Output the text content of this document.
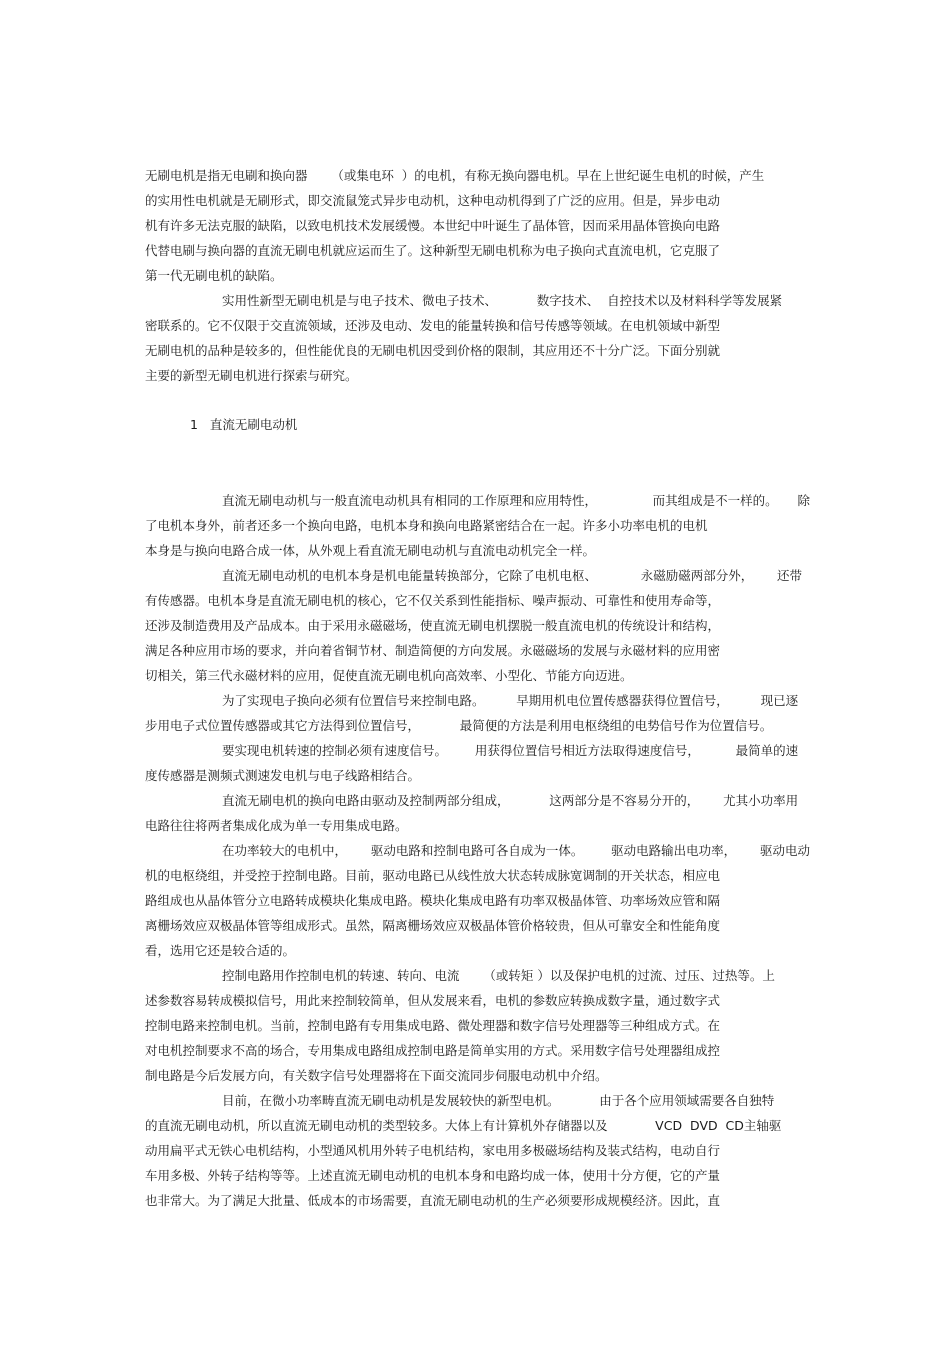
无刷电机是指无电刷和换向器      （或集电环  ）的电机，有称无换向器电机。早在上世纪诞生电机的时候，产生
的实用性电机就是无刷形式，即交流鼠笼式异步电动机，这种电动机得到了广泛的应用。但是，异步电动
机有许多无法克服的缺陷，以致电机技术发展缓慢。本世纪中叶诞生了晶体管，因而采用晶体管换向电路
代替电刷与换向器的直流无刷电机就应运而生了。这种新型无刷电机称为电子换向式直流电机，它克服了
第一代无刷电机的缺陷。
实用性新型无刷电机是与电子技术、微电子技术、          数字技术、  自控技术以及材料科学等发展紧
密联系的。它不仅限于交直流领域，还涉及电动、发电的能量转换和信号传感等领域。在电机领域中新型
无刷电机的品种是较多的，但性能优良的无刷电机因受到价格的限制，其应用还不十分广泛。下面分别就
主要的新型无刷电机进行探索与研究。
1   直流无刷电动机
直流无刷电动机与一般直流电动机具有相同的工作原理和应用特性，              而其组成是不一样的。     除
了电机本身外，前者还多一个换向电路，电机本身和换向电路紧密结合在一起。许多小功率电机的电机
本身是与换向电路合成一体，从外观上看直流无刷电动机与直流电动机完全一样。
直流无刷电动机的电机本身是机电能量转换部分，它除了电机电枢、           永磁励磁两部分外，      还带
有传感器。电机本身是直流无刷电机的核心，它不仅关系到性能指标、噪声振动、可靠性和使用寿命等，
还涉及制造费用及产品成本。由于采用永磁磁场，使直流无刷电机摆脱一般直流电机的传统设计和结构，
满足各种应用市场的要求，并向着省铜节材、制造简便的方向发展。永磁磁场的发展与永磁材料的应用密
切相关，第三代永磁材料的应用，促使直流无刷电机向高效率、小型化、节能方向迈进。
为了实现电子换向必须有位置信号来控制电路。        早期用机电位置传感器获得位置信号，        现已逐
步用电子式位置传感器或其它方法得到位置信号，          最简便的方法是利用电枢绕组的电势信号作为位置信号。
要实现电机转速的控制必须有速度信号。       用获得位置信号相近方法取得速度信号，         最简单的速
度传感器是测频式测速发电机与电子线路相结合。
直流无刷电机的换向电路由驱动及控制两部分组成，          这两部分是不容易分开的，      尤其小功率用
电路往往将两者集成化成为单一专用集成电路。
在功率较大的电机中，      驱动电路和控制电路可各自成为一体。       驱动电路输出电功率，      驱动电动
机的电枢绕组，并受控于控制电路。目前，驱动电路已从线性放大状态转成脉宽调制的开关状态，相应电
路组成也从晶体管分立电路转成模块化集成电路。模块化集成电路有功率双极晶体管、功率场效应管和隔
离栅场效应双极晶体管等组成形式。虽然，隔离栅场效应双极晶体管价格较贵，但从可靠安全和性能角度
看，选用它还是较合适的。
控制电路用作控制电机的转速、转向、电流      （或转矩 ）以及保护电机的过流、过压、过热等。上
述参数容易转成模拟信号，用此来控制较简单，但从发展来看，电机的参数应转换成数字量，通过数字式
控制电路来控制电机。当前，控制电路有专用集成电路、微处理器和数字信号处理器等三种组成方式。在
对电机控制要求不高的场合，专用集成电路组成控制电路是简单实用的方式。采用数字信号处理器组成控
制电路是今后发展方向，有关数字信号处理器将在下面交流同步伺服电动机中介绍。
目前，在微小功率畴直流无刷电动机是发展较快的新型电机。          由于各个应用领域需要各自独特
的直流无刷电动机，所以直流无刷电动机的类型较多。大体上有计算机外存储器以及            VCD  DVD  CD主轴驱
动用扁平式无铁心电机结构，小型通风机用外转子电机结构，家电用多极磁场结构及装式结构，电动自行
车用多极、外转子结构等等。上述直流无刷电动机的电机本身和电路均成一体，使用十分方便，它的产量
也非常大。为了满足大批量、低成本的市场需要，直流无刷电动机的生产必须要形成规模经济。因此，直
